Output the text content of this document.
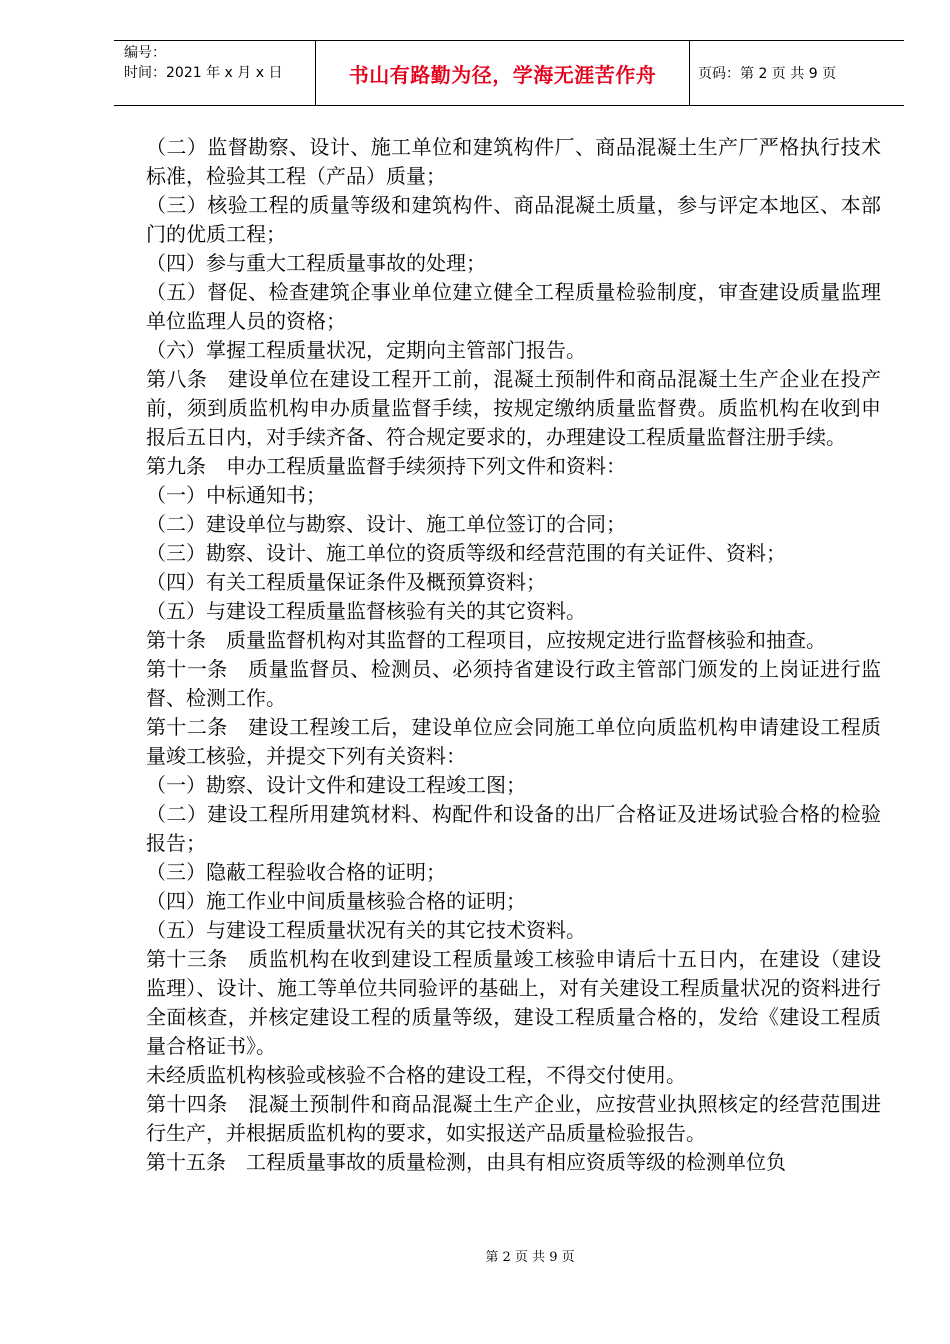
编号：
时间：2021 年 x 月 x 日	书山有路勤为径，学海无涯苦作舟	页码：第 2 页 共 9 页

（二）监督勘察、设计、施工单位和建筑构件厂、商品混凝土生产厂严格执行技术标准，检验其工程（产品）质量；

（三）核验工程的质量等级和建筑构件、商品混凝土质量，参与评定本地区、本部门的优质工程；

（四）参与重大工程质量事故的处理；

（五）督促、检查建筑企事业单位建立健全工程质量检验制度，审查建设质量监理单位监理人员的资格；

（六）掌握工程质量状况，定期向主管部门报告。

第八条　建设单位在建设工程开工前，混凝土预制件和商品混凝土生产企业在投产前，须到质监机构申办质量监督手续，按规定缴纳质量监督费。质监机构在收到申报后五日内，对手续齐备、符合规定要求的，办理建设工程质量监督注册手续。

第九条　申办工程质量监督手续须持下列文件和资料：

（一）中标通知书；

（二）建设单位与勘察、设计、施工单位签订的合同；

（三）勘察、设计、施工单位的资质等级和经营范围的有关证件、资料；

（四）有关工程质量保证条件及概预算资料；

（五）与建设工程质量监督核验有关的其它资料。

第十条　质量监督机构对其监督的工程项目，应按规定进行监督核验和抽查。

第十一条　质量监督员、检测员、必须持省建设行政主管部门颁发的上岗证进行监督、检测工作。

第十二条　建设工程竣工后，建设单位应会同施工单位向质监机构申请建设工程质量竣工核验，并提交下列有关资料：

（一）勘察、设计文件和建设工程竣工图；

（二）建设工程所用建筑材料、构配件和设备的出厂合格证及进场试验合格的检验报告；

（三）隐蔽工程验收合格的证明；

（四）施工作业中间质量核验合格的证明；

（五）与建设工程质量状况有关的其它技术资料。

第十三条　质监机构在收到建设工程质量竣工核验申请后十五日内，在建设（建设监理）、设计、施工等单位共同验评的基础上，对有关建设工程质量状况的资料进行全面核查，并核定建设工程的质量等级，建设工程质量合格的，发给《建设工程质量合格证书》。

未经质监机构核验或核验不合格的建设工程，不得交付使用。

第十四条　混凝土预制件和商品混凝土生产企业，应按营业执照核定的经营范围进行生产，并根据质监机构的要求，如实报送产品质量检验报告。

第十五条　工程质量事故的质量检测，由具有相应资质等级的检测单位负

第 2 页 共 9 页
